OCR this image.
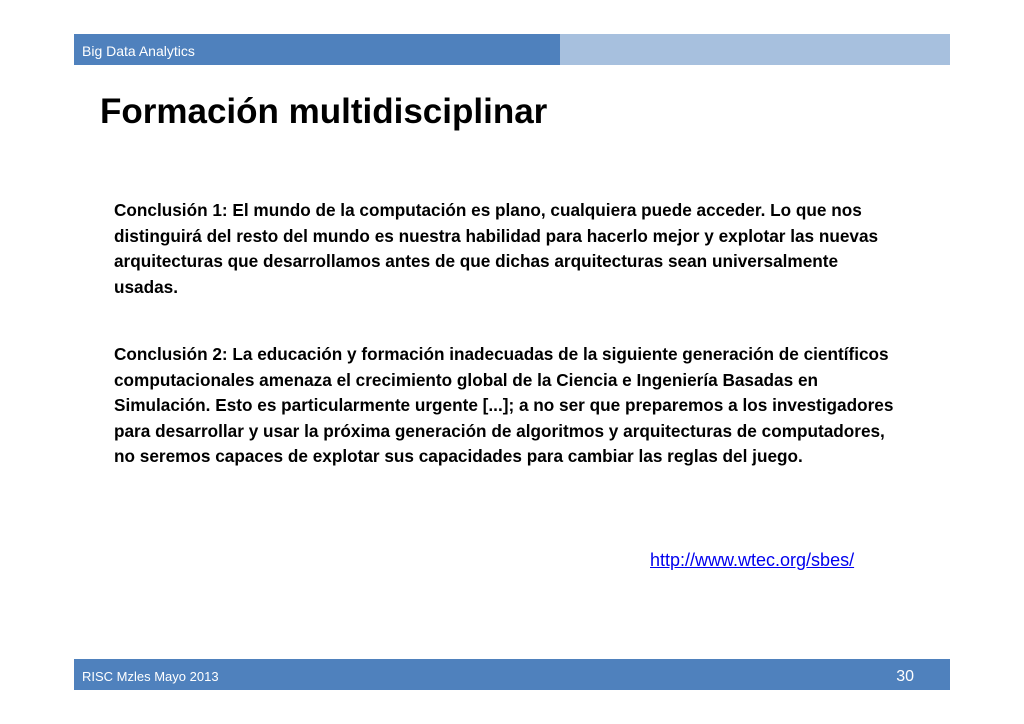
Big Data Analytics
Formación multidisciplinar

Conclusión 1: El mundo de la computación es plano, cualquiera puede acceder. Lo que nos distinguirá del resto del mundo es nuestra habilidad para hacerlo mejor y explotar las nuevas arquitecturas que desarrollamos antes de que dichas arquitecturas sean universalmente usadas.

Conclusión 2: La educación y formación inadecuadas de la siguiente generación de científicos computacionales amenaza el crecimiento global de la Ciencia e Ingeniería Basadas en Simulación. Esto es particularmente urgente [...]; a no ser que preparemos a los investigadores para desarrollar y usar la próxima generación de algoritmos y arquitecturas de computadores, no seremos capaces de explotar sus capacidades para cambiar las reglas del juego.

http://www.wtec.org/sbes/
RISC Mzles Mayo 2013	30
